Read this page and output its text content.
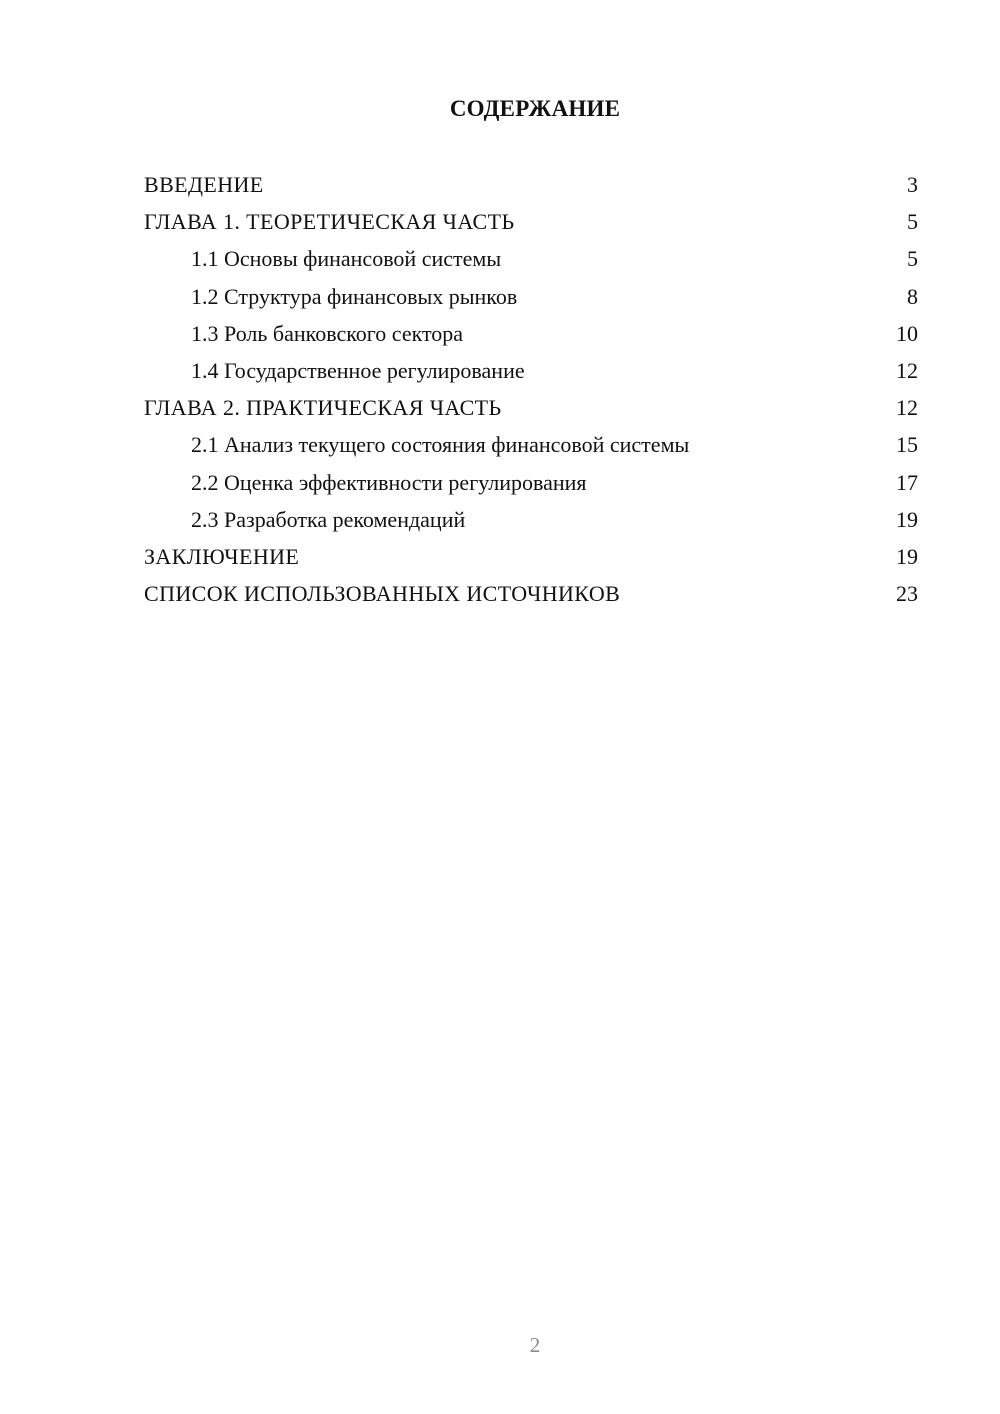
СОДЕРЖАНИЕ
ВВЕДЕНИЕ	3
ГЛАВА 1. ТЕОРЕТИЧЕСКАЯ ЧАСТЬ	5
1.1 Основы финансовой системы	5
1.2 Структура финансовых рынков	8
1.3 Роль банковского сектора	10
1.4 Государственное регулирование	12
ГЛАВА 2. ПРАКТИЧЕСКАЯ ЧАСТЬ	12
2.1 Анализ текущего состояния финансовой системы	15
2.2 Оценка эффективности регулирования	17
2.3 Разработка рекомендаций	19
ЗАКЛЮЧЕНИЕ	19
СПИСОК ИСПОЛЬЗОВАННЫХ ИСТОЧНИКОВ	23
2
